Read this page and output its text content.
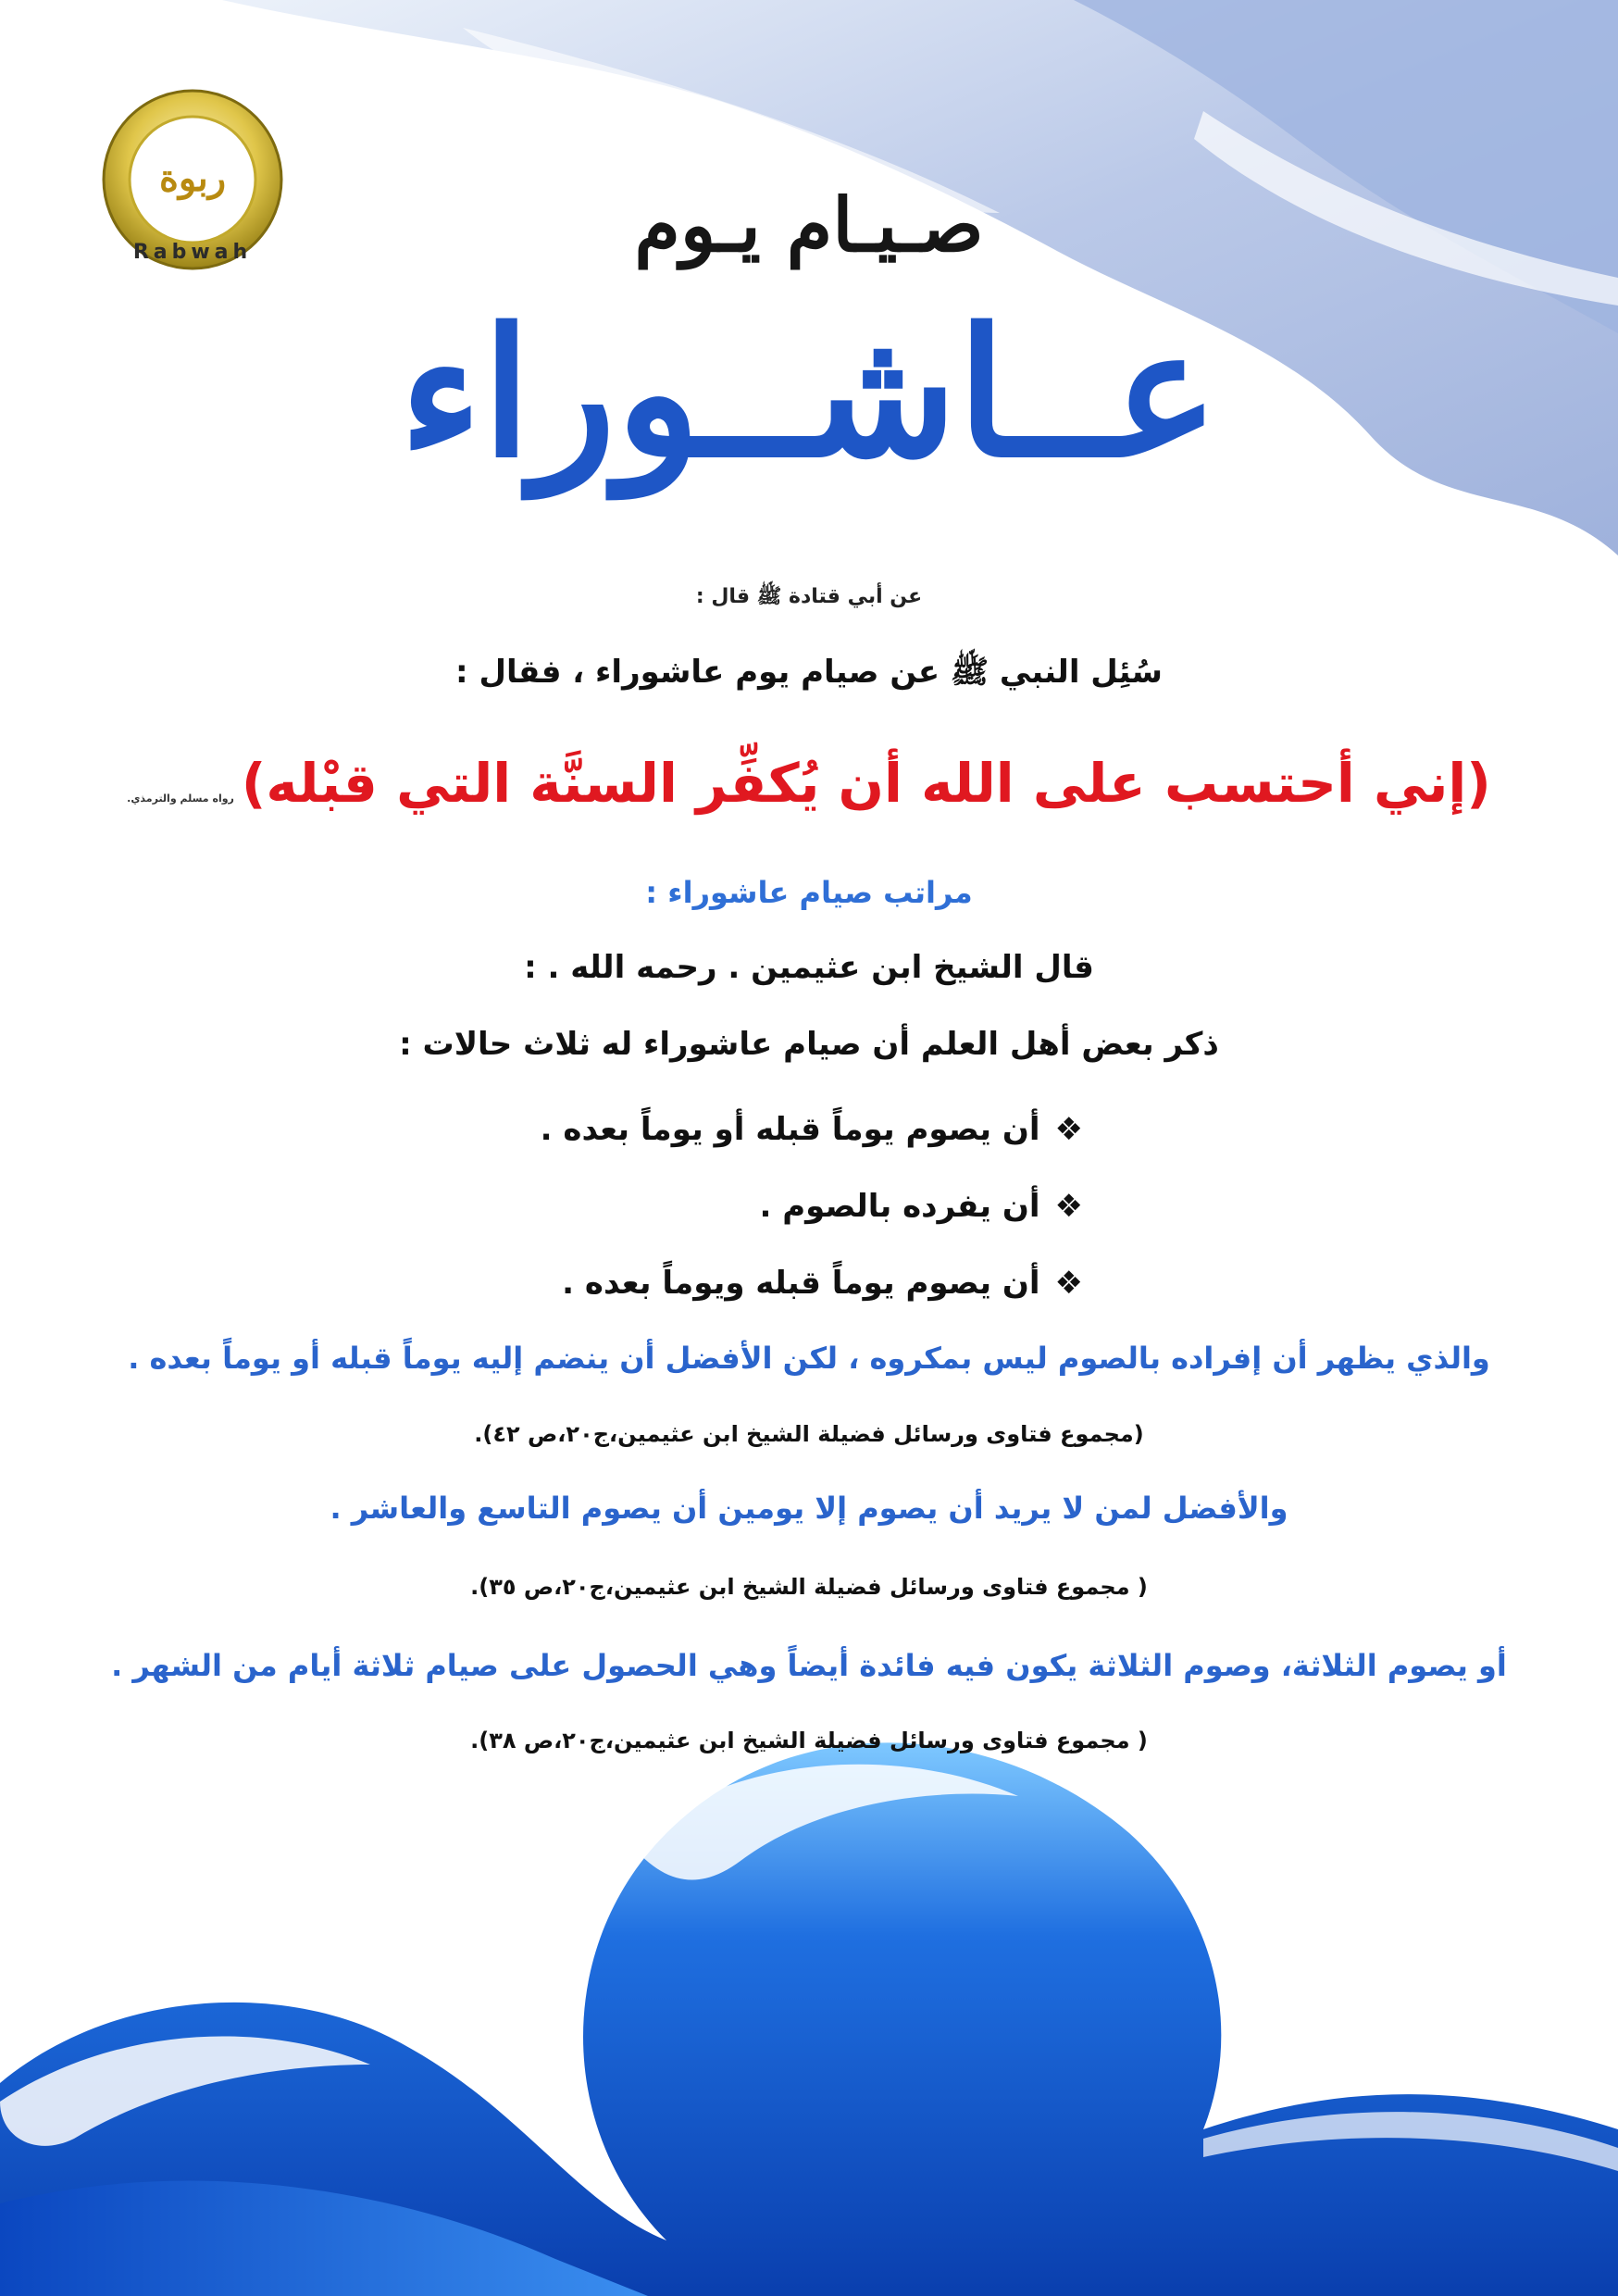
ربوة
Rabwah	صـيـام يـوم
عــاشــوراء
عن أبي قتادة ﷺ قال :
سُئِل النبي ﷺ عن صيام يوم عاشوراء ، فقال :
(إني أحتسب على الله أن يُكفِّر السنَّة التي قبْله)رواه مسلم والترمذي.
مراتب صيام عاشوراء :
قال الشيخ ابن عثيمين . رحمه الله . :
ذكر بعض أهل العلم أن صيام عاشوراء له ثلاث حالات :
❖أن يصوم يوماً قبله أو يوماً بعده .
❖أن يفرده بالصوم .
❖أن يصوم يوماً قبله ويوماً بعده .
والذي يظهر أن إفراده بالصوم ليس بمكروه ، لكن الأفضل أن ينضم إليه يوماً قبله أو يوماً بعده .
(مجموع فتاوى ورسائل فضيلة الشيخ ابن عثيمين،ج٢٠،ص ٤٢).
والأفضل لمن لا يريد أن يصوم إلا يومين أن يصوم التاسع والعاشر .
( مجموع فتاوى ورسائل فضيلة الشيخ ابن عثيمين،ج٢٠،ص ٣٥).
أو يصوم الثلاثة، وصوم الثلاثة يكون فيه فائدة أيضاً وهي الحصول على صيام ثلاثة أيام من الشهر .
( مجموع فتاوى ورسائل فضيلة الشيخ ابن عثيمين،ج٢٠،ص ٣٨).
